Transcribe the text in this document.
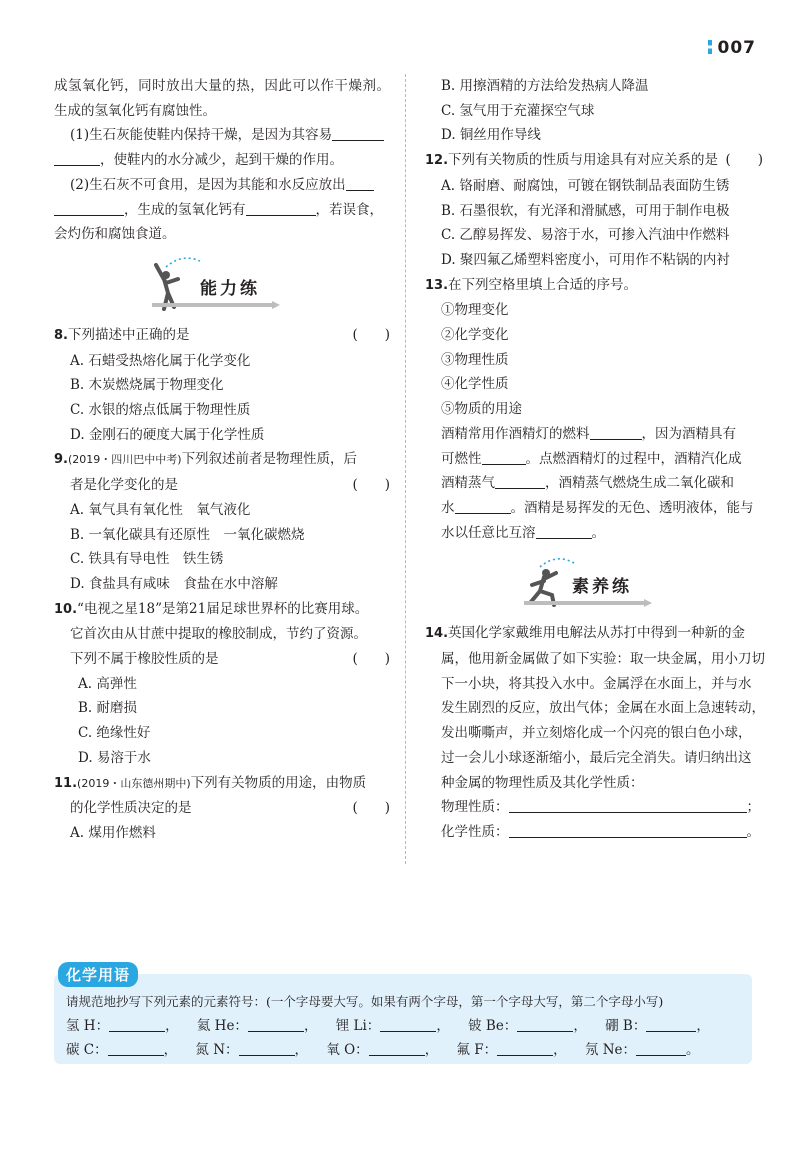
007
成氢氧化钙，同时放出大量的热，因此可以作干燥剂。
生成的氢氧化钙有腐蚀性。
(1)生石灰能使鞋内保持干燥，是因为其容易
，使鞋内的水分减少，起到干燥的作用。
(2)生石灰不可食用，是因为其能和水反应放出
，生成的氢氧化钙有	，若误食，
会灼伤和腐蚀食道。
能力练
8.下列描述中正确的是	(　　)
A. 石蜡受热熔化属于化学变化
B. 木炭燃烧属于物理变化
C. 水银的熔点低属于物理性质
D. 金刚石的硬度大属于化学性质
9.(2019・四川巴中中考)下列叙述前者是物理性质，后
者是化学变化的是	(　　)
A. 氧气具有氧化性　氧气液化
B. 一氧化碳具有还原性　一氧化碳燃烧
C. 铁具有导电性　铁生锈
D. 食盐具有咸味　食盐在水中溶解
10.“电视之星18”是第21届足球世界杯的比赛用球。
它首次由从甘蔗中提取的橡胶制成，节约了资源。
下列不属于橡胶性质的是	(　　)
A. 高弹性
B. 耐磨损
C. 绝缘性好
D. 易溶于水
11.(2019・山东德州期中)下列有关物质的用途，由物质
的化学性质决定的是	(　　)
A. 煤用作燃料
B. 用擦酒精的方法给发热病人降温
C. 氢气用于充灌探空气球
D. 铜丝用作导线
12.下列有关物质的性质与用途具有对应关系的是 (　　)
A. 铬耐磨、耐腐蚀，可镀在钢铁制品表面防生锈
B. 石墨很软，有光泽和滑腻感，可用于制作电极
C. 乙醇易挥发、易溶于水，可掺入汽油中作燃料
D. 聚四氟乙烯塑料密度小，可用作不粘锅的内衬
13.在下列空格里填上合适的序号。
①物理变化
②化学变化
③物理性质
④化学性质
⑤物质的用途
酒精常用作酒精灯的燃料	，因为酒精具有
可燃性	。点燃酒精灯的过程中，酒精汽化成
酒精蒸气	，酒精蒸气燃烧生成二氧化碳和
水	。酒精是易挥发的无色、透明液体，能与
水以任意比互溶	。
素养练
14.英国化学家戴维用电解法从苏打中得到一种新的金
属，他用新金属做了如下实验：取一块金属，用小刀切
下一小块，将其投入水中。金属浮在水面上，并与水
发生剧烈的反应，放出气体；金属在水面上急速转动，
发出嘶嘶声，并立刻熔化成一个闪亮的银白色小球，
过一会儿小球逐渐缩小，最后完全消失。请归纳出这
种金属的物理性质及其化学性质：
物理性质：	；
化学性质：	。
化学用语
请规范地抄写下列元素的元素符号：(一个字母要大写。如果有两个字母，第一个字母大写，第二个字母小写)
氢 H：	， 氦 He：	， 锂 Li：	， 铍 Be：	， 硼 B：	，
碳 C：	， 氮 N：	， 氧 O：	， 氟 F：	， 氖 Ne：	。
